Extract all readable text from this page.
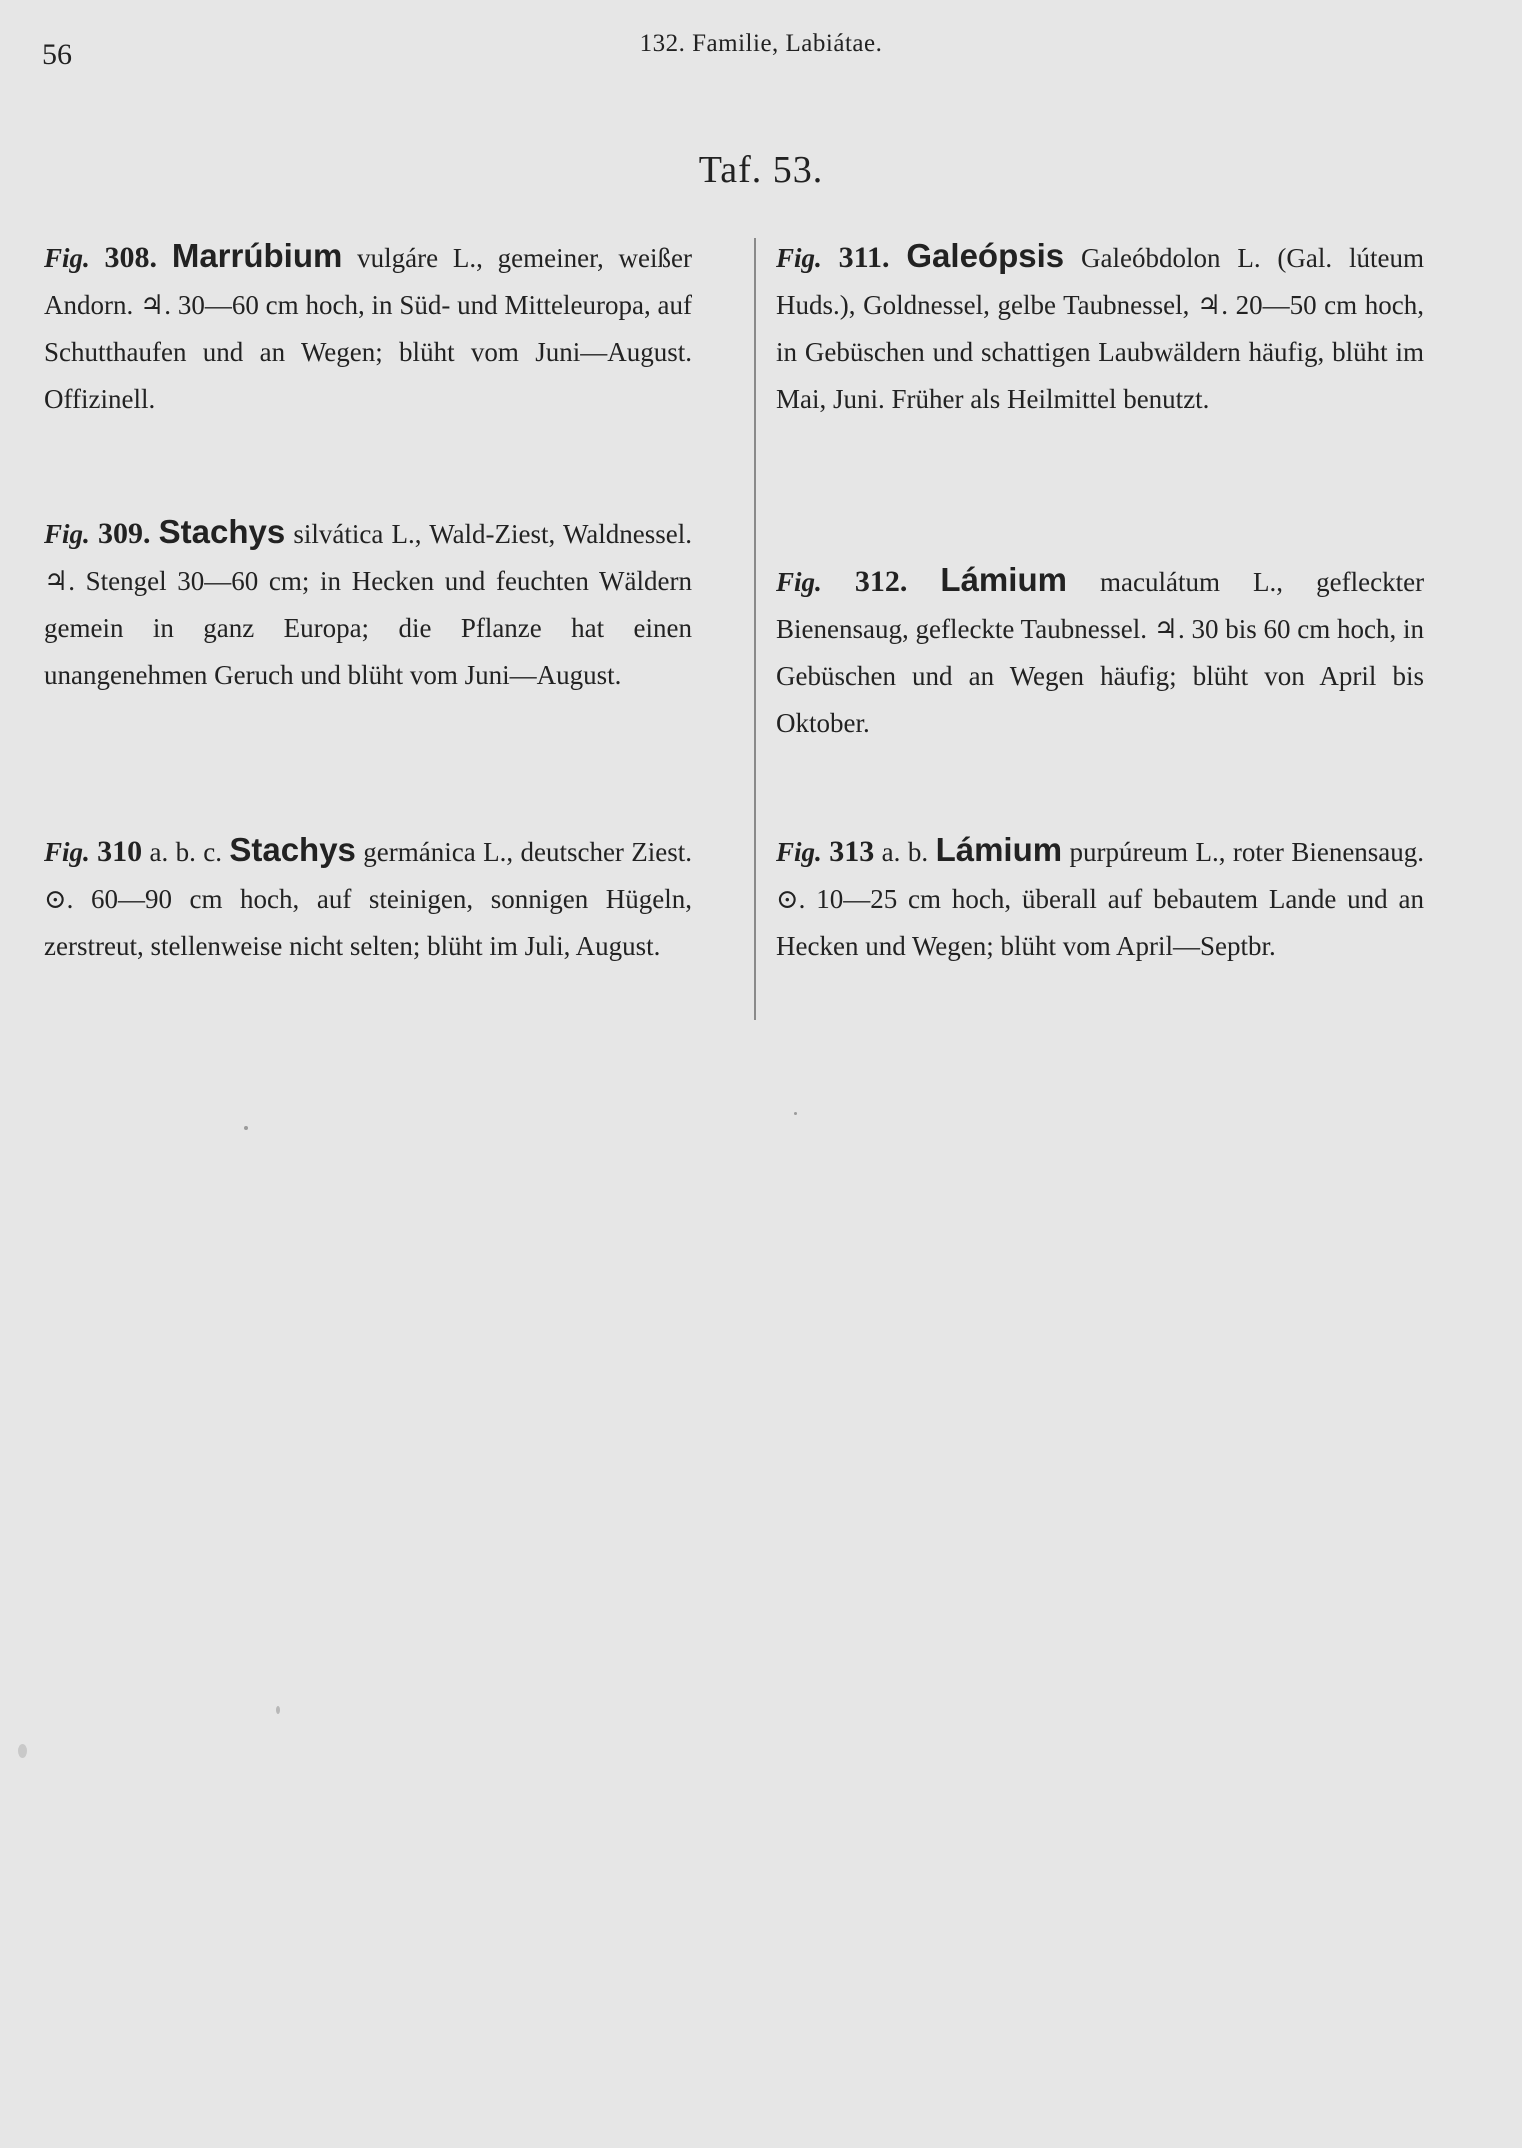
56	132. Familie, Labiátae.
Taf. 53.
Fig. 308. Marrúbium vulgáre L., gemeiner, weißer Andorn. ♃. 30—60 cm hoch, in Süd- und Mitteleuropa, auf Schutthaufen und an Wegen; blüht vom Juni—August. Offizinell.
Fig. 309. Stachys silvática L., Wald-Ziest, Waldnessel. ♃. Stengel 30—60 cm; in Hecken und feuchten Wäldern gemein in ganz Europa; die Pflanze hat einen unangenehmen Geruch und blüht vom Juni—August.
Fig. 310 a. b. c. Stachys germánica L., deutscher Ziest. ⊙. 60—90 cm hoch, auf steinigen, sonnigen Hügeln, zerstreut, stellenweise nicht selten; blüht im Juli, August.
Fig. 311. Galeópsis Galeóbdolon L. (Gal. lúteum Huds.), Goldnessel, gelbe Taubnessel, ♃. 20—50 cm hoch, in Gebüschen und schattigen Laubwäldern häufig, blüht im Mai, Juni. Früher als Heilmittel benutzt.
Fig. 312. Lámium maculátum L., gefleckter Bienensaug, gefleckte Taubnessel. ♃. 30 bis 60 cm hoch, in Gebüschen und an Wegen häufig; blüht von April bis Oktober.
Fig. 313 a. b. Lámium purpúreum L., roter Bienensaug. ⊙. 10—25 cm hoch, überall auf bebautem Lande und an Hecken und Wegen; blüht vom April—Septbr.
